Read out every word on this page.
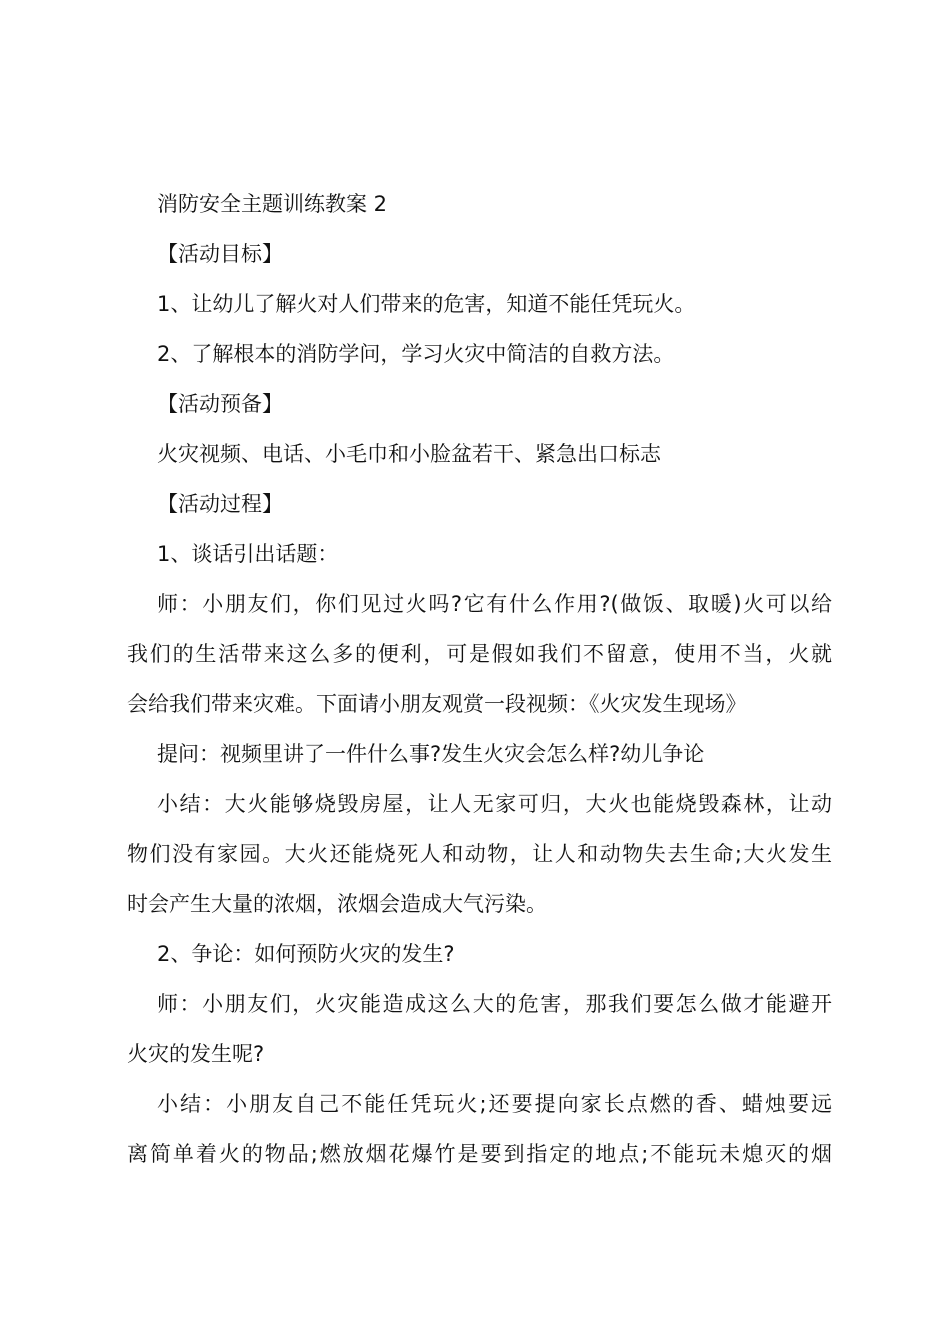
消防安全主题训练教案 2
【活动目标】
1、让幼儿了解火对人们带来的危害，知道不能任凭玩火。
2、了解根本的消防学问，学习火灾中简洁的自救方法。
【活动预备】
火灾视频、电话、小毛巾和小脸盆若干、紧急出口标志
【活动过程】
1、谈话引出话题：
师：小朋友们，你们见过火吗?它有什么作用?(做饭、取暖)火可以给
我们的生活带来这么多的便利，可是假如我们不留意，使用不当，火就
会给我们带来灾难。下面请小朋友观赏一段视频：《火灾发生现场》
提问：视频里讲了一件什么事?发生火灾会怎么样?幼儿争论
小结：大火能够烧毁房屋，让人无家可归，大火也能烧毁森林，让动
物们没有家园。大火还能烧死人和动物，让人和动物失去生命;大火发生
时会产生大量的浓烟，浓烟会造成大气污染。
2、争论：如何预防火灾的发生?
师：小朋友们，火灾能造成这么大的危害，那我们要怎么做才能避开
火灾的发生呢?
小结：小朋友自己不能任凭玩火;还要提向家长点燃的香、蜡烛要远
离简单着火的物品;燃放烟花爆竹是要到指定的地点;不能玩未熄灭的烟
